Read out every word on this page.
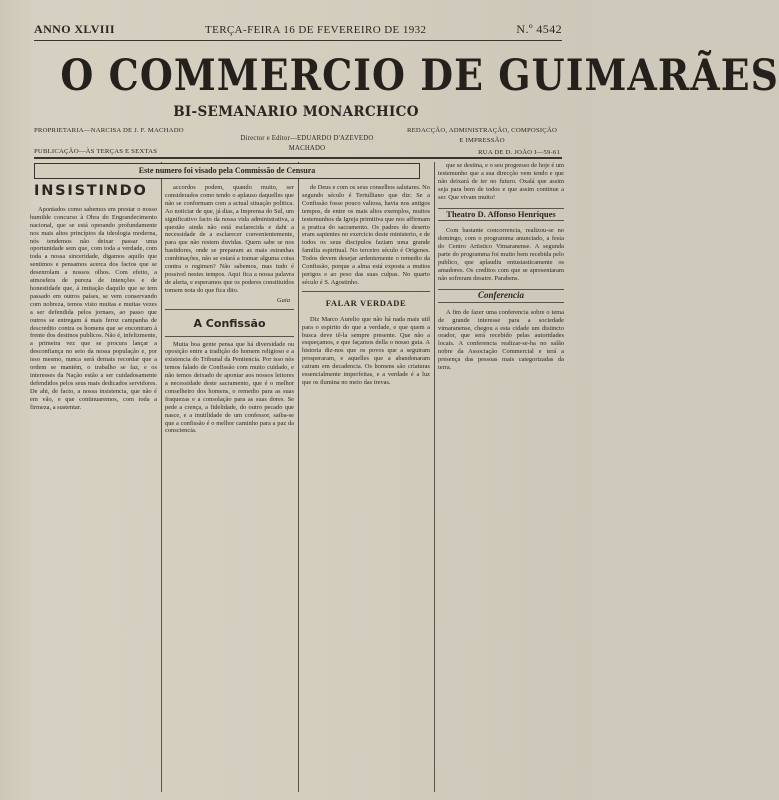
ANNO XLVIII	TERÇA-FEIRA 16 DE FEVEREIRO DE 1932	N.º 4542
O COMMERCIO DE GUIMARÃES
BI-SEMANARIO MONARCHICO
PROPRIETARIA—NARCISA DE J. F. MACHADO
PUBLICAÇÃO—ÀS TERÇAS E SEXTAS
Director e Editor—EDUARDO D'AZEVEDO MACHADO
REDACÇÃO, ADMINISTRAÇÃO, COMPOSIÇÃO E IMPRESSÃO
RUA DE D. JOÃO I—59-61
Este numero foi visado pela Commissão de Censura
INSISTINDO

Apontados como sabemos em prestar o nosso humilde concurso à Obra do Engrandecimento nacional, que se está operando profundamente nos mais altos princípios da ideologia moderna, nós tendemos não deixar passar uma oportunidade sem que, com toda a verdade, com toda a nossa sinceridade, digamos aquilo que sentimos e pensamos acerca dos factos que se desenrolam a nossos olhos. Com efeito, a atmosfera de pureza de intenções e de honestidade que, á imitação daquilo que se tem passado em outros países, se vem conservando com nobreza, temos visto muitas e muitas vezes a ser defendida pelos jornaes, ao passo que outros se entregam á mais feroz campanha de descredito contra os homens que se encontram á frente dos destinos publicos. Não é, infelizmente, a primeira vez que se procura lançar a desconfiança no seio da nossa população e, por isso mesmo, nunca será demais recordar que a ordem se mantém, o trabalho se faz, e os interesses da Nação estão a ser cuidadosamente defendidos pelos seus mais dedicados servidores. De ahi, de facto, a nossa insistencia, que não é em vão, e que continuaremos, com toda a firmeza, a sustentar.

accordos podem, quando muito, ser considerados como tendo o aplauso daquelles que não se conformam com a actual situação politica. Ao noticiar de que, já dias, a Imprensa do Sul, um significativo facto da nossa vida administrativa, a questão ainda não está esclarecida e dahi a necessidade de a esclarecer convenientemente, para que não restem duvidas. Quem sabe se nos bastidores, onde se preparam as mais estranhas combinações, não se estará a tramar alguma coisa contra o regimen? Não sabemos, mas tudo é possivel nestes tempos. Aqui fica a nossa palavra de alerta, e esperamos que os poderes constituidos tomem nota do que fica dito.

Gaia
A Confissão

Muita boa gente pensa que há diversidade ou oposição entre a tradição do homem religioso e a existencia do Tribunal da Penitencia. Por isso nós temos falado de Confissão com muito cuidado, e não temos deixado de apontar aos nossos leitores a necessidade deste sacramento, que é o melhor conselheiro dos homens, o remedio para as suas fraquezas e a consolação para as suas dores. Se pede a crença, a fidelidade, do outro pecado que nasce, e a inutilidade de um confessor, saiba-se que a confissão é o melhor caminho para a paz da consciencia.

de Deus e com os seus conselhos salutares. No segundo século é Tertulliano que diz: Se a Confissão fosse pouco valiosa, havia nos antigos tempos, de entre os mais altos exemplos, muitos testemunhos da Igreja primitiva que nos affirmam a pratica do sacramento. Os padres do deserto eram sapientes no exercicio deste ministerio, e de todos os seus discipulos faziam uma grande familia espiritual. No terceiro século é Origenes. Todos devem desejar ardentemente o remedio da Confissão, porque a alma está exposta a muitos perigos e ao peso das suas culpas. No quarto século é S. Agostinho.

FALAR VERDADE

Diz Marco Aurelio que não há nada mais util para o espirito do que a verdade, e que quem a busca deve tê-la sempre presente. Que não a esqueçamos, e que façamos della o nosso guia. A historia diz-nos que os povos que a seguiram prosperaram, e aquelles que a abandonaram cairam em decadencia. Os homens são criaturas essencialmente imperfeitas, e a verdade é a luz que os ilumina no meio das trevas.

que se destina, e o seu progresso de hoje é um testemunho que a sua direcção vem tendo e que não deixará de ter no futuro. Oxalá que assim seja para bem de todos e que assim continue a ser. Que vivam muito!

Theatro D. Affonso Henriques

Com bastante concorrencia, realizou-se no domingo, com o programma anunciado, a festa do Centro Artistico Vimaranense. A segunda parte do programma foi muito bem recebida pelo publico, que aplaudiu entusiasticamente os amadores. Os creditos com que se apresentaram não sofreram desaire. Parabens.

Conferencia

A fim de fazer uma conferencia sobre o tema de grande interesse para a sociedade vimaranense, chegou a esta cidade um distincto orador, que será recebido pelas autoridades locais. A conferencia realizar-se-ha no salão nobre da Associação Commercial e terá a presença das pessoas mais categorizadas da terra.
